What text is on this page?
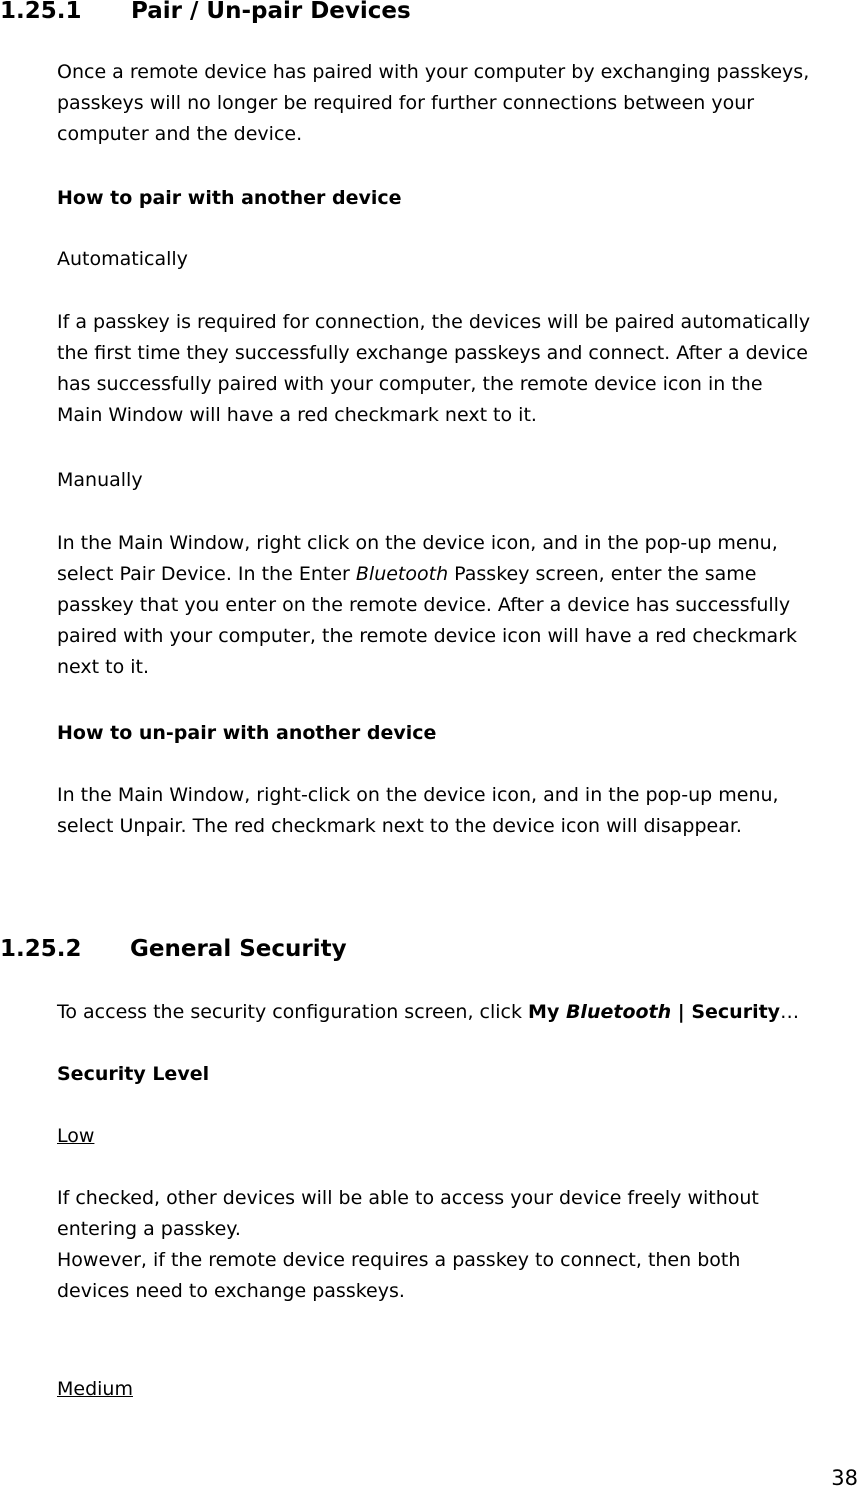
1.25.1 Pair / Un-pair Devices
Once a remote device has paired with your computer by exchanging passkeys,
passkeys will no longer be required for further connections between your
computer and the device.
How to pair with another device
Automatically
If a passkey is required for connection, the devices will be paired automatically
the first time they successfully exchange passkeys and connect. After a device
has successfully paired with your computer, the remote device icon in the
Main Window will have a red checkmark next to it.
Manually
In the Main Window, right click on the device icon, and in the pop-up menu,
select Pair Device. In the Enter Bluetooth Passkey screen, enter the same
passkey that you enter on the remote device. After a device has successfully
paired with your computer, the remote device icon will have a red checkmark
next to it.
How to un-pair with another device
In the Main Window, right-click on the device icon, and in the pop-up menu,
select Unpair. The red checkmark next to the device icon will disappear.
1.25.2 General Security
To access the security configuration screen, click My Bluetooth | Security…
Security Level
Low
If checked, other devices will be able to access your device freely without
entering a passkey.
However, if the remote device requires a passkey to connect, then both
devices need to exchange passkeys.
Medium
38
